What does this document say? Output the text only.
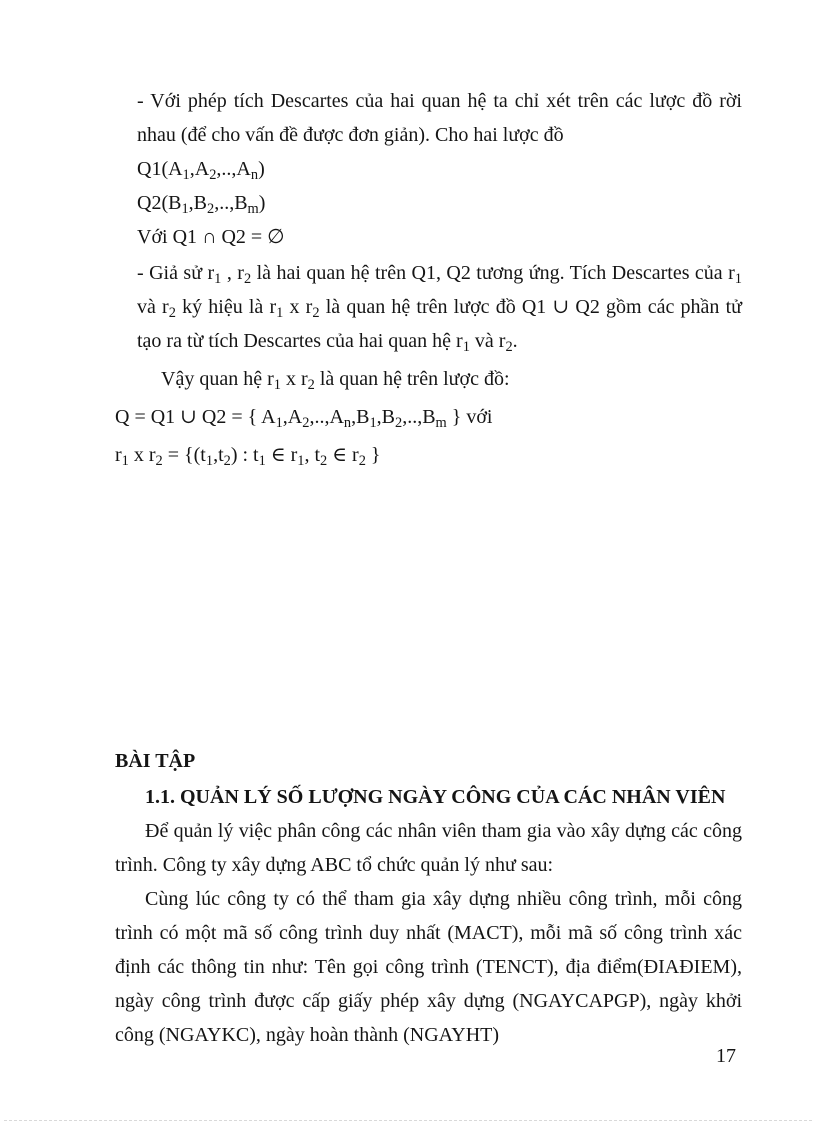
- Với phép tích Descartes của hai quan hệ ta chỉ xét trên các lược đồ rời nhau (để cho vấn đề được đơn giản). Cho hai lược đồ

$Q1(A_1,A_2,..,A_n)$

$Q2(B_1,B_2,..,B_m)$

Với Q1 ∩ Q2 = ∅

- Giả sử $r_1$ , $r_2$ là hai quan hệ trên Q1, Q2 tương ứng. Tích Descartes của $r_1$ và $r_2$ ký hiệu là $r_1$ x $r_2$ là quan hệ trên lược đồ Q1 ∪ Q2 gồm các phần tử tạo ra từ tích Descartes của hai quan hệ $r_1$ và $r_2$.

Vậy quan hệ $r_1$ x $r_2$ là quan hệ trên lược đồ:

Q = Q1 ∪ Q2 = { $A_1,A_2,..,A_n,B_1,B_2,..,B_m$ } với

$r_1$ x $r_2 = \{(t_1,t_2)$ : $t_1$ ∈ $r_1$, $t_2$ ∈ $r_2$ }

BÀI TẬP
1.1. QUẢN LÝ SỐ LƯỢNG NGÀY CÔNG CỦA CÁC NHÂN VIÊN

Để quản lý việc phân công các nhân viên tham gia vào xây dựng các công trình. Công ty xây dựng ABC tổ chức quản lý như sau:

Cùng lúc công ty có thể tham gia xây dựng nhiều công trình, mỗi công trình có một mã số công trình duy nhất (MACT), mỗi mã số công trình xác định các thông tin như: Tên gọi công trình (TENCT), địa điểm(ĐIAĐIEM), ngày công trình được cấp giấy phép xây dựng (NGAYCAPGP), ngày khởi công (NGAYKC), ngày hoàn thành (NGAYHT)

17
